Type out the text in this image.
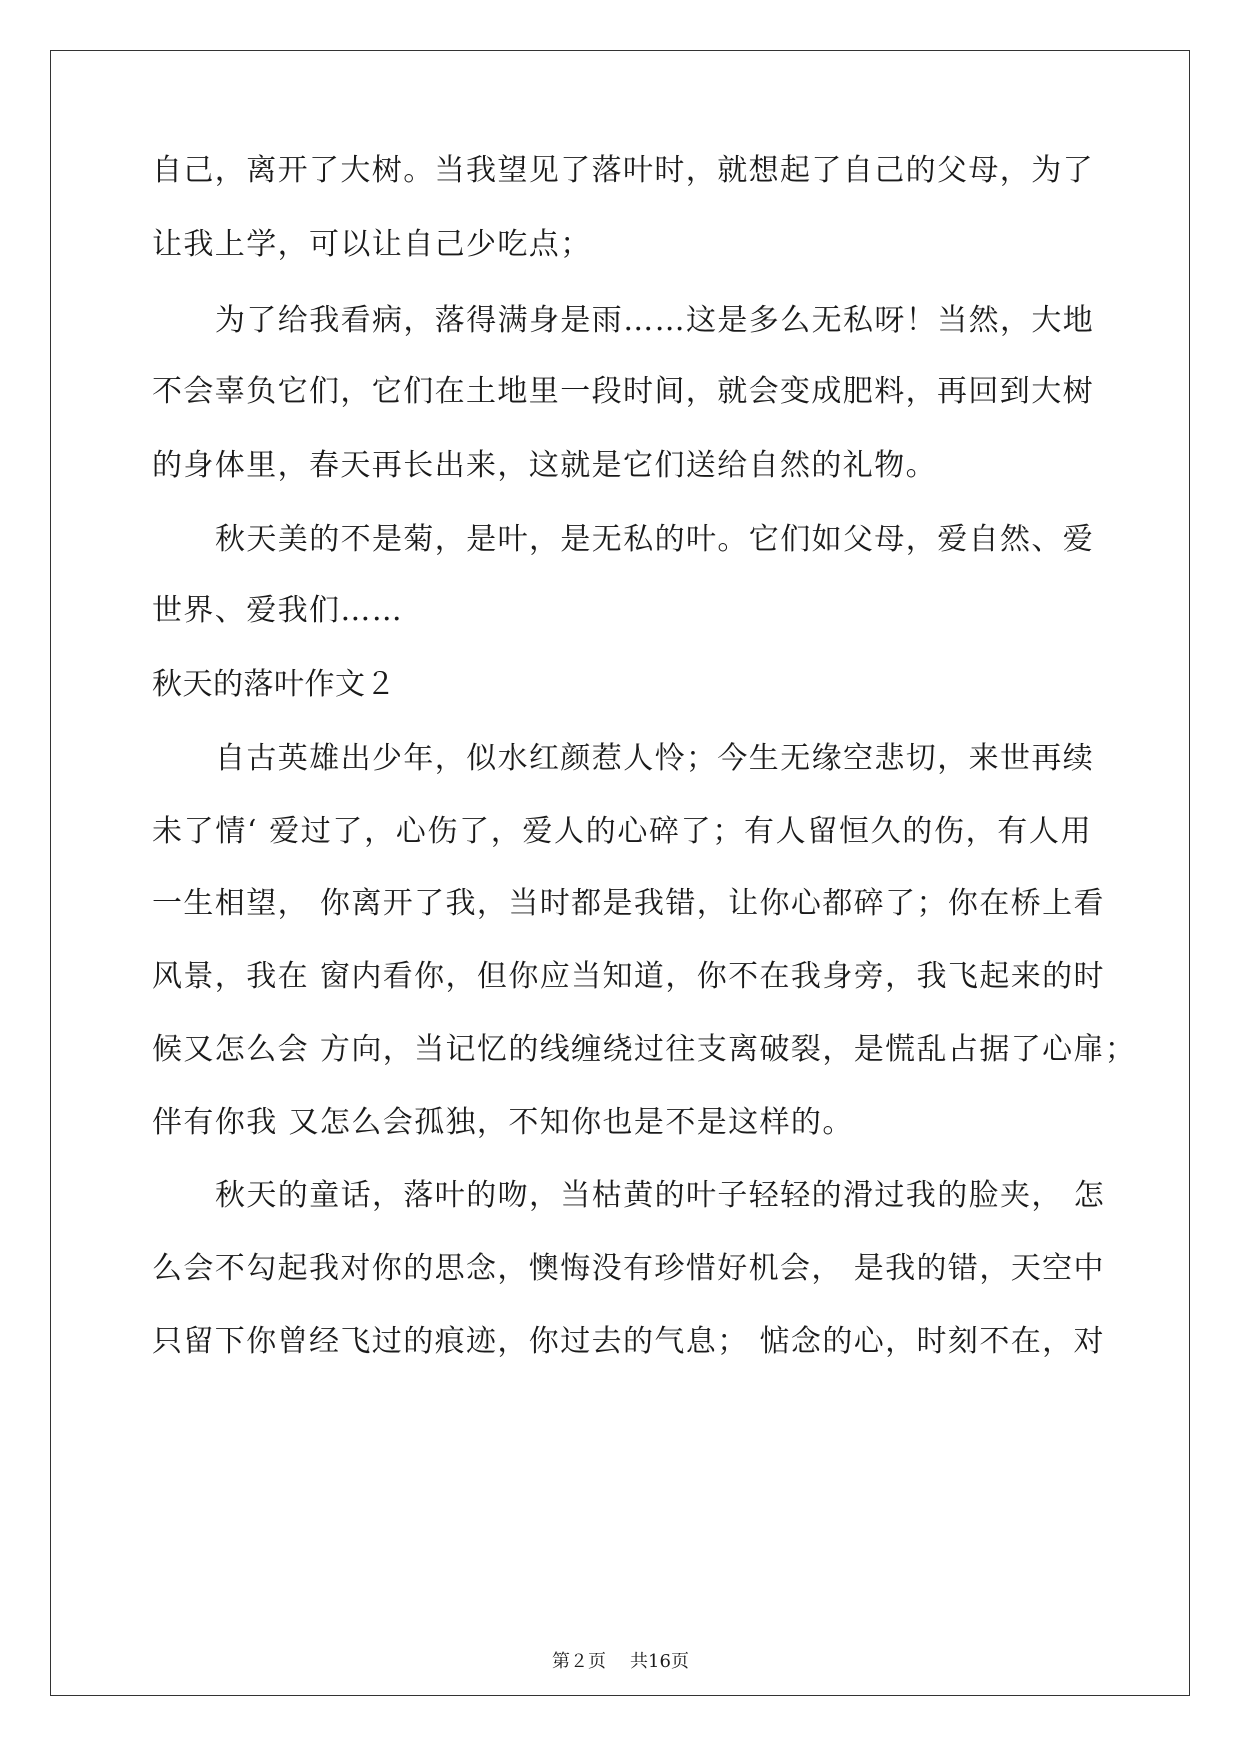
自己，离开了大树。当我望见了落叶时，就想起了自己的父母，为了
让我上学，可以让自己少吃点；
为了给我看病，落得满身是雨……这是多么无私呀！当然，大地
不会辜负它们，它们在土地里一段时间，就会变成肥料，再回到大树
的身体里，春天再长出来，这就是它们送给自然的礼物。
秋天美的不是菊，是叶，是无私的叶。它们如父母，爱自然、爱
世界、爱我们……
秋天的落叶作文２
自古英雄出少年，似水红颜惹人怜；今生无缘空悲切，来世再续
未了情‘ 爱过了，心伤了，爱人的心碎了；有人留恒久的伤，有人用
一生相望， 你离开了我，当时都是我错，让你心都碎了；你在桥上看
风景，我在 窗内看你，但你应当知道，你不在我身旁，我飞起来的时
候又怎么会 方向，当记忆的线缠绕过往支离破裂，是慌乱占据了心扉；
伴有你我 又怎么会孤独，不知你也是不是这样的。
秋天的童话，落叶的吻，当枯黄的叶子轻轻的滑过我的脸夹， 怎
么会不勾起我对你的思念，懊悔没有珍惜好机会， 是我的错，天空中
只留下你曾经飞过的痕迹，你过去的气息； 惦念的心，时刻不在，对
第２页 共16页
